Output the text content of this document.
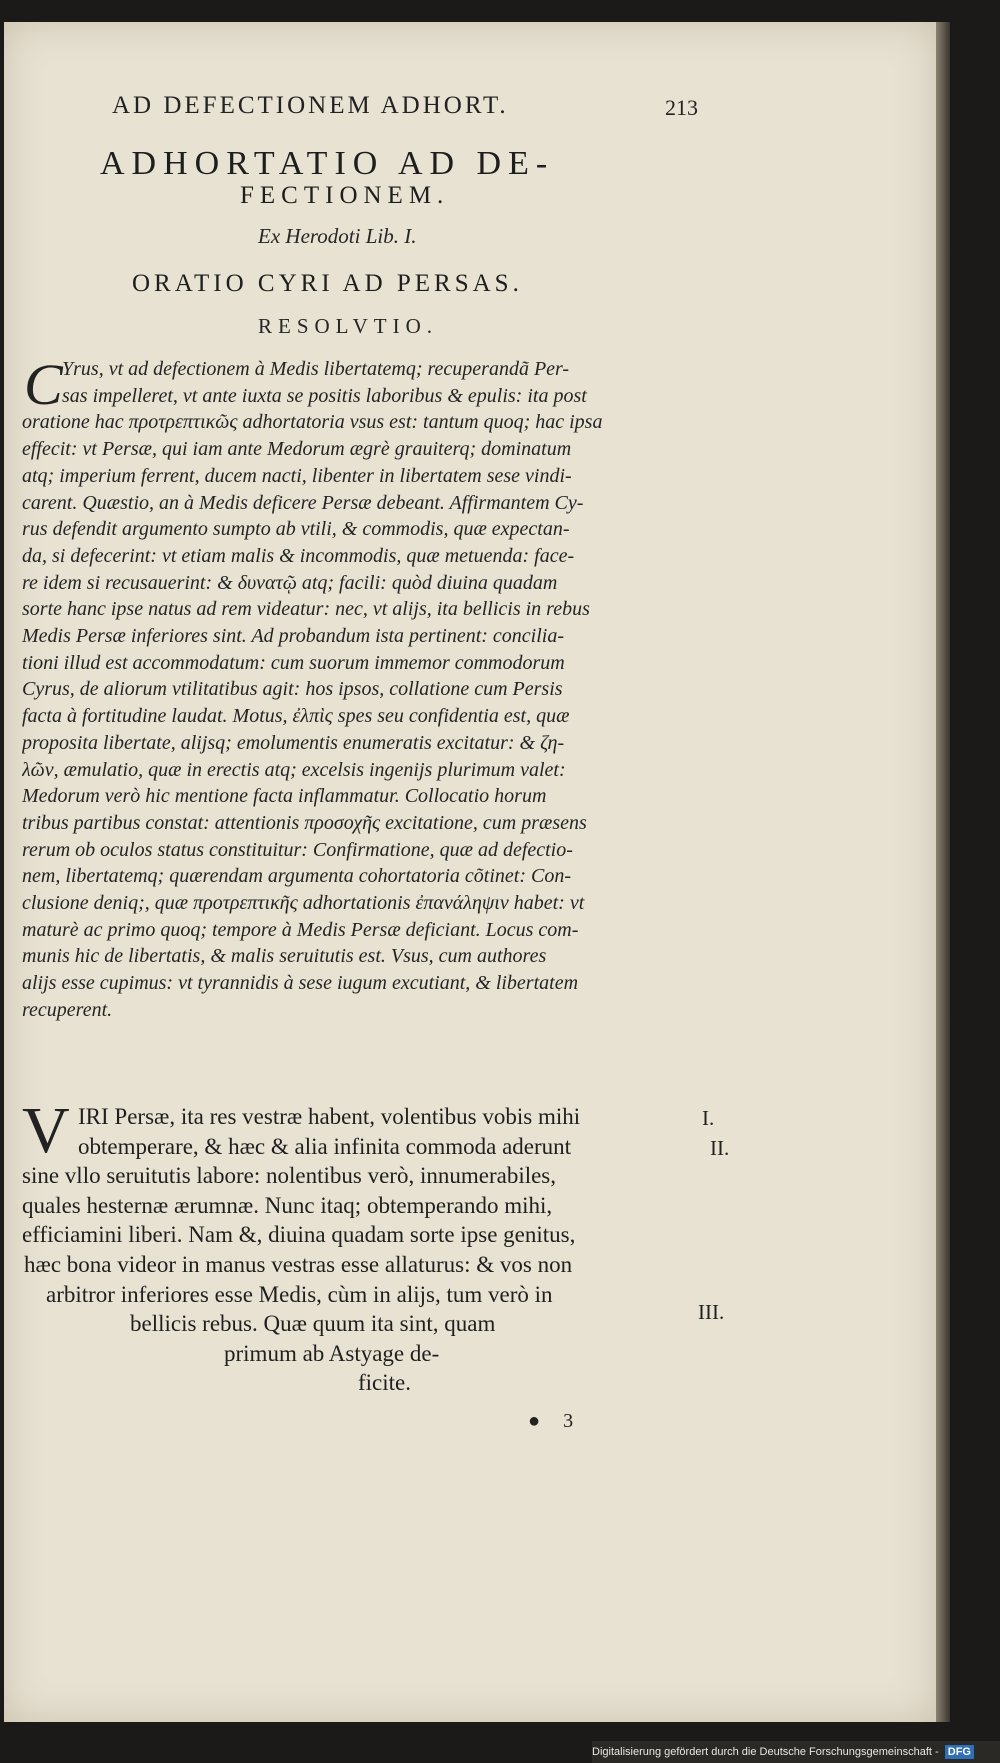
AD DEFECTIONEM ADHORT.	213
ADHORTATIO AD DE-
FECTIONEM.
Ex Herodoti Lib. I.
ORATIO CYRI AD PERSAS.
RESOLVTIO.
C Yrus, vt ad defectionem à Medis libertatemq; recuperandã Per-
sas impelleret, vt ante iuxta se positis laboribus & epulis: ita post
oratione hac προτρεπτικῶς adhortatoria vsus est: tantum quoq; hac ipsa
effecit: vt Persæ, qui iam ante Medorum ægrè grauiterq; dominatum
atq; imperium ferrent, ducem nacti, libenter in libertatem sese vindi-
carent. Quæstio, an à Medis deficere Persæ debeant. Affirmantem Cy-
rus defendit argumento sumpto ab vtili, & commodis, quæ expectan-
da, si defecerint: vt etiam malis & incommodis, quæ metuenda: face-
re idem si recusauerint: & δυνατῷ atq; facili: quòd diuina quadam
sorte hanc ipse natus ad rem videatur: nec, vt alijs, ita bellicis in rebus
Medis Persæ inferiores sint. Ad probandum ista pertinent: concilia-
tioni illud est accommodatum: cum suorum immemor commodorum
Cyrus, de aliorum vtilitatibus agit: hos ipsos, collatione cum Persis
facta à fortitudine laudat. Motus, ἐλπὶς spes seu confidentia est, quæ
proposita libertate, alijsq; emolumentis enumeratis excitatur: & ζη-
λῶν, æmulatio, quæ in erectis atq; excelsis ingenijs plurimum valet:
Medorum verò hic mentione facta inflammatur. Collocatio horum
tribus partibus constat: attentionis προσοχῆς excitatione, cum præsens
rerum ob oculos status constituitur: Confirmatione, quæ ad defectio-
nem, libertatemq; quærendam argumenta cohortatoria cõtinet: Con-
clusione deniq;, quæ προτρεπτικῆς adhortationis ἐπανάληψιν habet: vt
maturè ac primo quoq; tempore à Medis Persæ deficiant. Locus com-
munis hic de libertatis, & malis seruitutis est. Vsus, cum authores
alijs esse cupimus: vt tyrannidis à sese iugum excutiant, & libertatem
recuperent.
V IRI Persæ, ita res vestræ habent, volentibus vobis mihi
obtemperare, & hæc & alia infinita commoda aderunt
sine vllo seruitutis labore: nolentibus verò, innumerabiles,
quales hesternæ ærumnæ. Nunc itaq; obtemperando mihi,
efficiamini liberi. Nam &, diuina quadam sorte ipse genitus,
hæc bona videor in manus vestras esse allaturus: & vos non
arbitror inferiores esse Medis, cùm in alijs, tum verò in
bellicis rebus. Quæ quum ita sint, quam
primum ab Astyage de-
ficite.
I.
II.
III.
● 3
Digitalisierung gefördert durch die Deutsche Forschungsgemeinschaft - DFG
